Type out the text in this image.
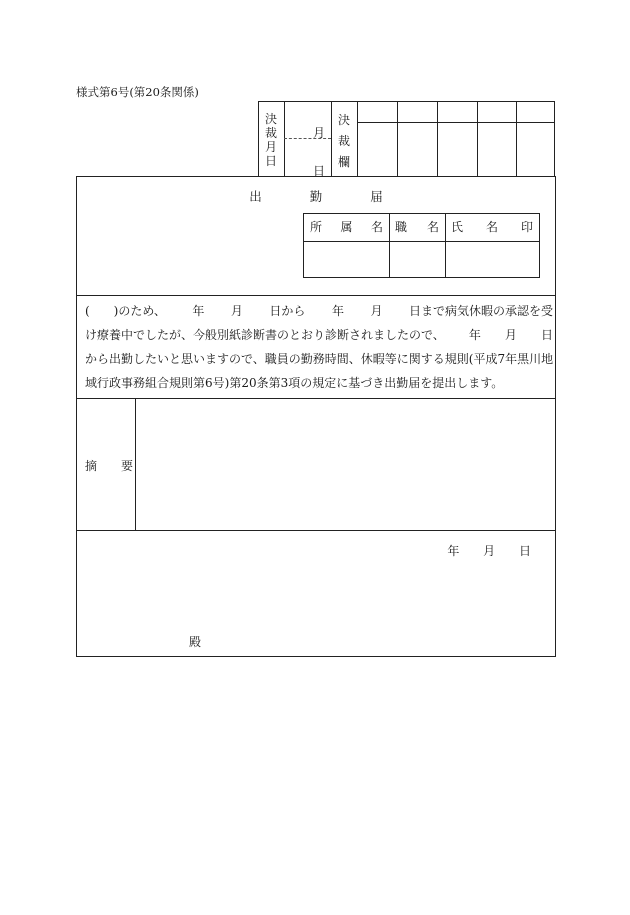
様式第6号(第20条関係)
決
裁
月
日
月
日
決
裁
欄
出勤届
所 属 名 職 名 氏 名 印

(　　)のため、 年 月 日から 年 月 日まで病気休暇の承認を受

け療養中でしたが、今般別紙診断書のとおり診断されましたので、 年 月 日

から出勤したいと思いますので、職員の勤務時間、休暇等に関する規則(平成7年黒川地

域行政事務組合規則第6号)第20条第3項の規定に基づき出勤届を提出します。

摘要
年 月 日
殿
